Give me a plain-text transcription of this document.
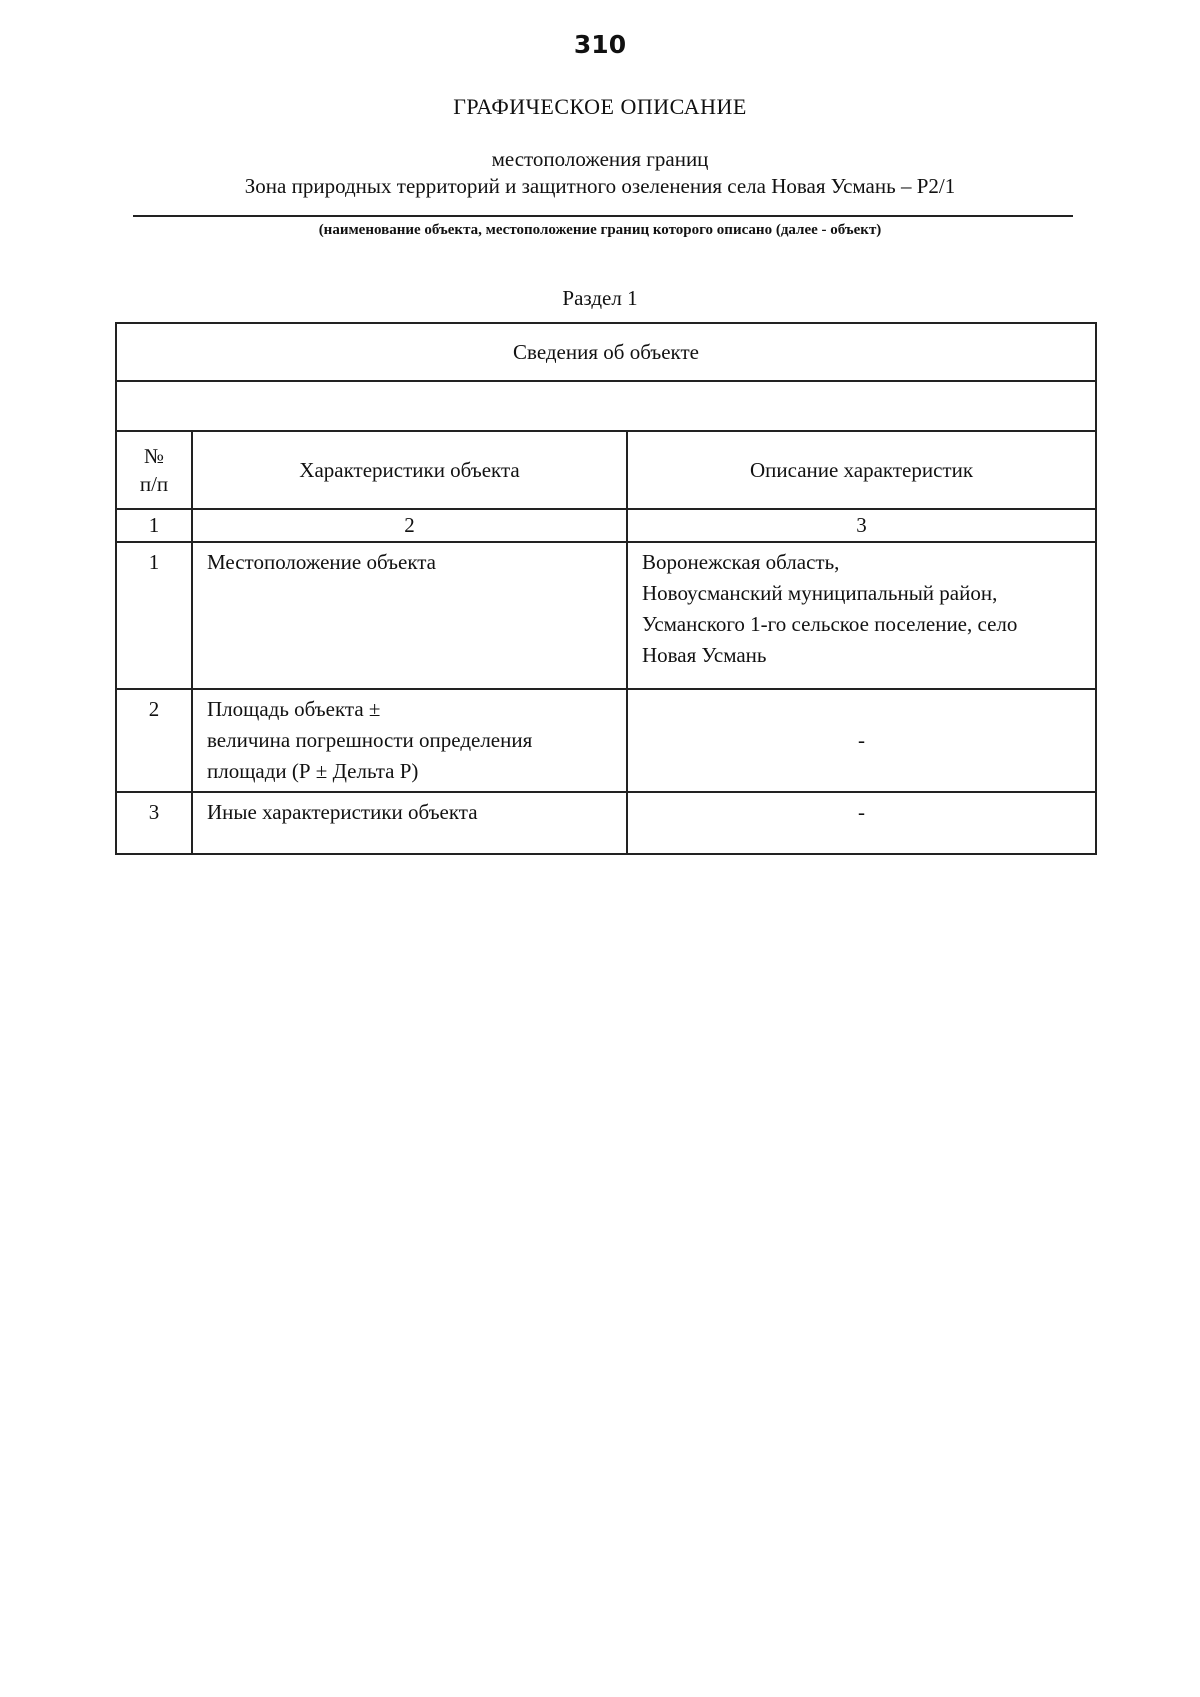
310
ГРАФИЧЕСКОЕ ОПИСАНИЕ
местоположения границ
Зона природных территорий и защитного озеленения села Новая Усмань – Р2/1
(наименование объекта, местоположение границ которого описано (далее - объект)
Раздел 1
Сведения об объекте		

№
п/п	Характеристики объекта	Описание характеристик
1	2	3
1	Местоположение объекта	Воронежская область,
Новоусманский муниципальный район,
Усманского 1-го сельское поселение, село
Новая Усмань

2	Площадь объекта ±
величина погрешности определения
площади (Р ± Дельта Р)	-
3	Иные характеристики объекта	-
